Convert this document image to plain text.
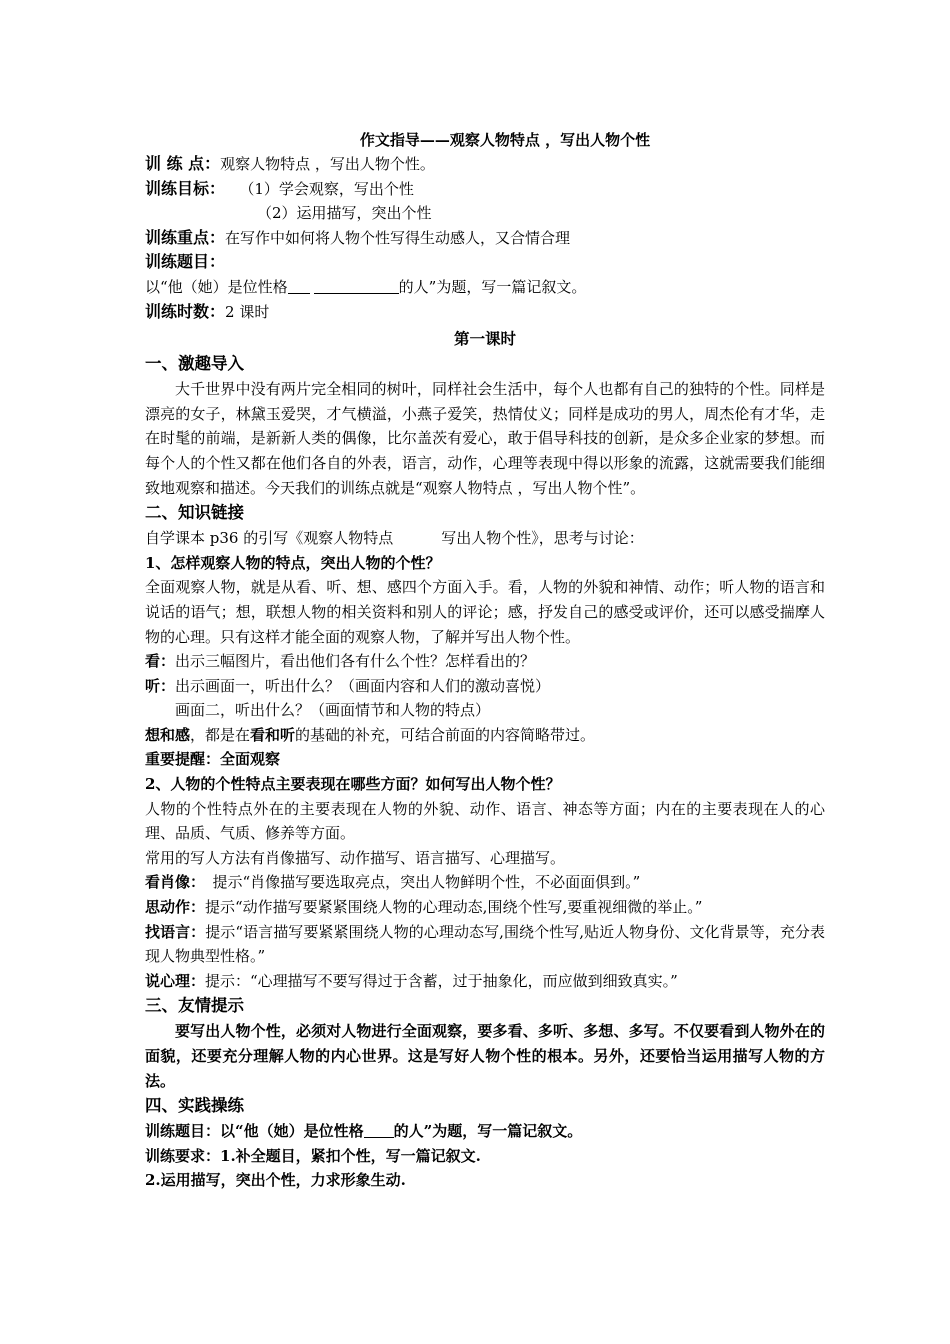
作文指导——观察人物特点 ，写出人物个性
训 练 点：观察人物特点 ，写出人物个性。
训练目标： （1）学会观察，写出个性
（2）运用描写，突出个性
训练重点：在写作中如何将人物个性写得生动感人，又合情合理
训练题目：
以“他（她）是位性格	的人”为题，写一篇记叙文。
训练时数：2 课时
第一课时
一、激趣导入
大千世界中没有两片完全相同的树叶，同样社会生活中，每个人也都有自己的独特的个性。同样是漂亮的女子，林黛玉爱哭，才气横溢，小燕子爱笑，热情仗义；同样是成功的男人，周杰伦有才华，走在时髦的前端，是新新人类的偶像，比尔盖茨有爱心，敢于倡导科技的创新，是众多企业家的梦想。而每个人的个性又都在他们各自的外表，语言，动作，心理等表现中得以形象的流露，这就需要我们能细致地观察和描述。今天我们的训练点就是“观察人物特点 ，写出人物个性”。
二、知识链接
自学课本 p36 的引写《观察人物特点	写出人物个性》，思考与讨论：
1、怎样观察人物的特点，突出人物的个性？
全面观察人物，就是从看、听、想、感四个方面入手。看，人物的外貌和神情、动作；听人物的语言和说话的语气；想，联想人物的相关资料和别人的评论；感，抒发自己的感受或评价，还可以感受揣摩人物的心理。只有这样才能全面的观察人物，了解并写出人物个性。
看：出示三幅图片，看出他们各有什么个性？怎样看出的？
听：出示画面一，听出什么？（画面内容和人们的激动喜悦）
画面二，听出什么？（画面情节和人物的特点）
想和感，都是在看和听的基础的补充，可结合前面的内容简略带过。
重要提醒：全面观察
2、人物的个性特点主要表现在哪些方面？如何写出人物个性？
人物的个性特点外在的主要表现在人物的外貌、动作、语言、神态等方面；内在的主要表现在人的心理、品质、气质、修养等方面。
常用的写人方法有肖像描写、动作描写、语言描写、心理描写。
看肖像：　提示“肖像描写要选取亮点，突出人物鲜明个性，不必面面俱到。”
思动作：提示“动作描写要紧紧围绕人物的心理动态,围绕个性写,要重视细微的举止。”
找语言：提示“语言描写要紧紧围绕人物的心理动态写,围绕个性写,贴近人物身份、文化背景等，充分表现人物典型性格。”
说心理：提示：“心理描写不要写得过于含蓄，过于抽象化，而应做到细致真实。”
三、友情提示
要写出人物个性，必须对人物进行全面观察，要多看、多听、多想、多写。不仅要看到人物外在的面貌，还要充分理解人物的内心世界。这是写好人物个性的根本。另外，还要恰当运用描写人物的方法。
四、实践操练
训练题目：以“他（她）是位性格 的人”为题，写一篇记叙文。
训练要求：1.补全题目，紧扣个性，写一篇记叙文.
2.运用描写，突出个性，力求形象生动.
